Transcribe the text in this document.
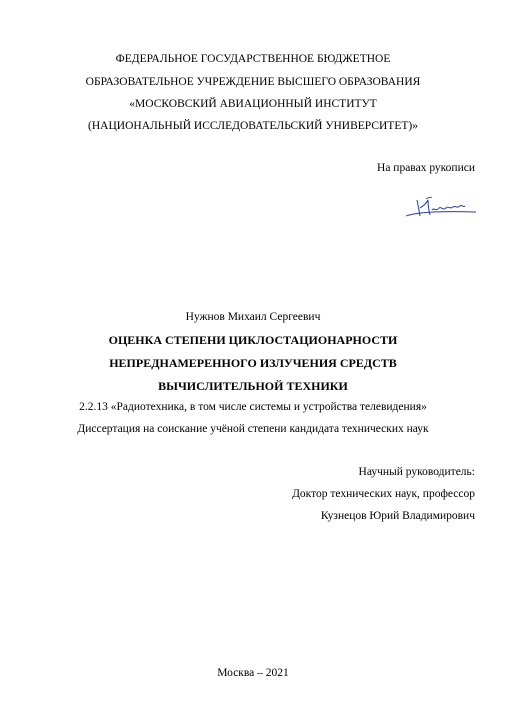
ФЕДЕРАЛЬНОЕ ГОСУДАРСТВЕННОЕ БЮДЖЕТНОЕ
ОБРАЗОВАТЕЛЬНОЕ УЧРЕЖДЕНИЕ ВЫСШЕГО ОБРАЗОВАНИЯ
«МОСКОВСКИЙ АВИАЦИОННЫЙ ИНСТИТУТ
(НАЦИОНАЛЬНЫЙ ИССЛЕДОВАТЕЛЬСКИЙ УНИВЕРСИТЕТ)»
На правах рукописи
Нужнов Михаил Сергеевич
ОЦЕНКА СТЕПЕНИ ЦИКЛОСТАЦИОНАРНОСТИ
НЕПРЕДНАМЕРЕННОГО ИЗЛУЧЕНИЯ СРЕДСТВ
ВЫЧИСЛИТЕЛЬНОЙ ТЕХНИКИ
2.2.13 «Радиотехника, в том числе системы и устройства телевидения»
Диссертация на соискание учёной степени кандидата технических наук
Научный руководитель:
Доктор технических наук, профессор
Кузнецов Юрий Владимирович
Москва – 2021
